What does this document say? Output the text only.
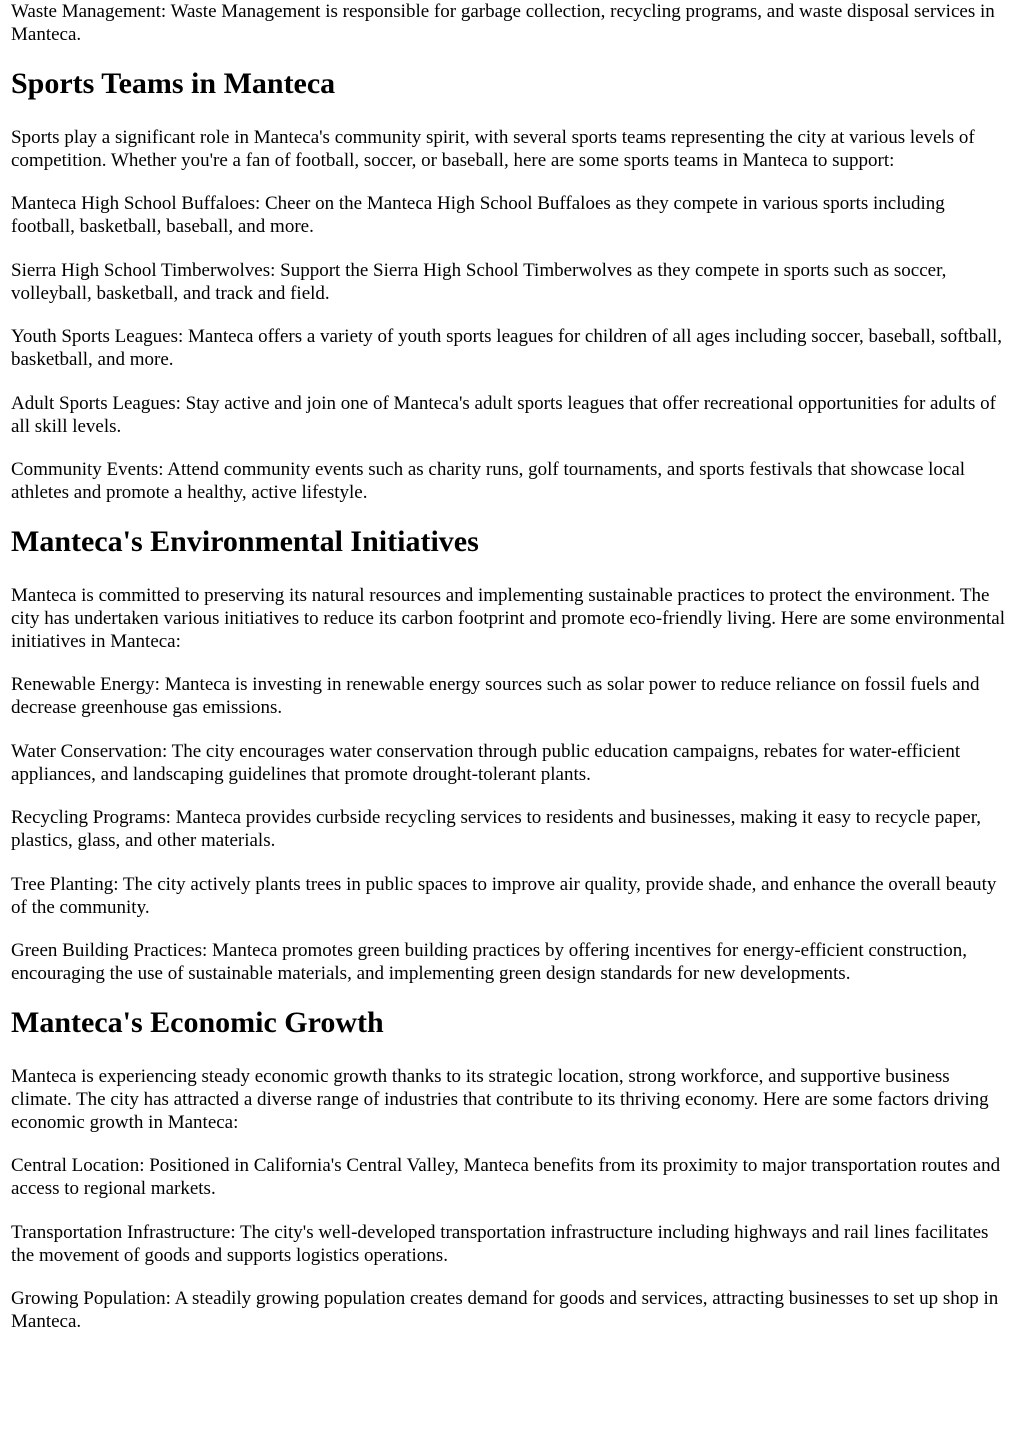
Waste Management: Waste Management is responsible for garbage collection, recycling programs, and waste disposal services in Manteca.

Sports Teams in Manteca

Sports play a significant role in Manteca's community spirit, with several sports teams representing the city at various levels of competition. Whether you're a fan of football, soccer, or baseball, here are some sports teams in Manteca to support:

Manteca High School Buffaloes: Cheer on the Manteca High School Buffaloes as they compete in various sports including football, basketball, baseball, and more.

Sierra High School Timberwolves: Support the Sierra High School Timberwolves as they compete in sports such as soccer, volleyball, basketball, and track and field.

Youth Sports Leagues: Manteca offers a variety of youth sports leagues for children of all ages including soccer, baseball, softball, basketball, and more.

Adult Sports Leagues: Stay active and join one of Manteca's adult sports leagues that offer recreational opportunities for adults of all skill levels.

Community Events: Attend community events such as charity runs, golf tournaments, and sports festivals that showcase local athletes and promote a healthy, active lifestyle.

Manteca's Environmental Initiatives

Manteca is committed to preserving its natural resources and implementing sustainable practices to protect the environment. The city has undertaken various initiatives to reduce its carbon footprint and promote eco-friendly living. Here are some environmental initiatives in Manteca:

Renewable Energy: Manteca is investing in renewable energy sources such as solar power to reduce reliance on fossil fuels and decrease greenhouse gas emissions.

Water Conservation: The city encourages water conservation through public education campaigns, rebates for water-efficient appliances, and landscaping guidelines that promote drought-tolerant plants.

Recycling Programs: Manteca provides curbside recycling services to residents and businesses, making it easy to recycle paper, plastics, glass, and other materials.

Tree Planting: The city actively plants trees in public spaces to improve air quality, provide shade, and enhance the overall beauty of the community.

Green Building Practices: Manteca promotes green building practices by offering incentives for energy-efficient construction, encouraging the use of sustainable materials, and implementing green design standards for new developments.

Manteca's Economic Growth

Manteca is experiencing steady economic growth thanks to its strategic location, strong workforce, and supportive business climate. The city has attracted a diverse range of industries that contribute to its thriving economy. Here are some factors driving economic growth in Manteca:

Central Location: Positioned in California's Central Valley, Manteca benefits from its proximity to major transportation routes and access to regional markets.

Transportation Infrastructure: The city's well-developed transportation infrastructure including highways and rail lines facilitates the movement of goods and supports logistics operations.

Growing Population: A steadily growing population creates demand for goods and services, attracting businesses to set up shop in Manteca.
